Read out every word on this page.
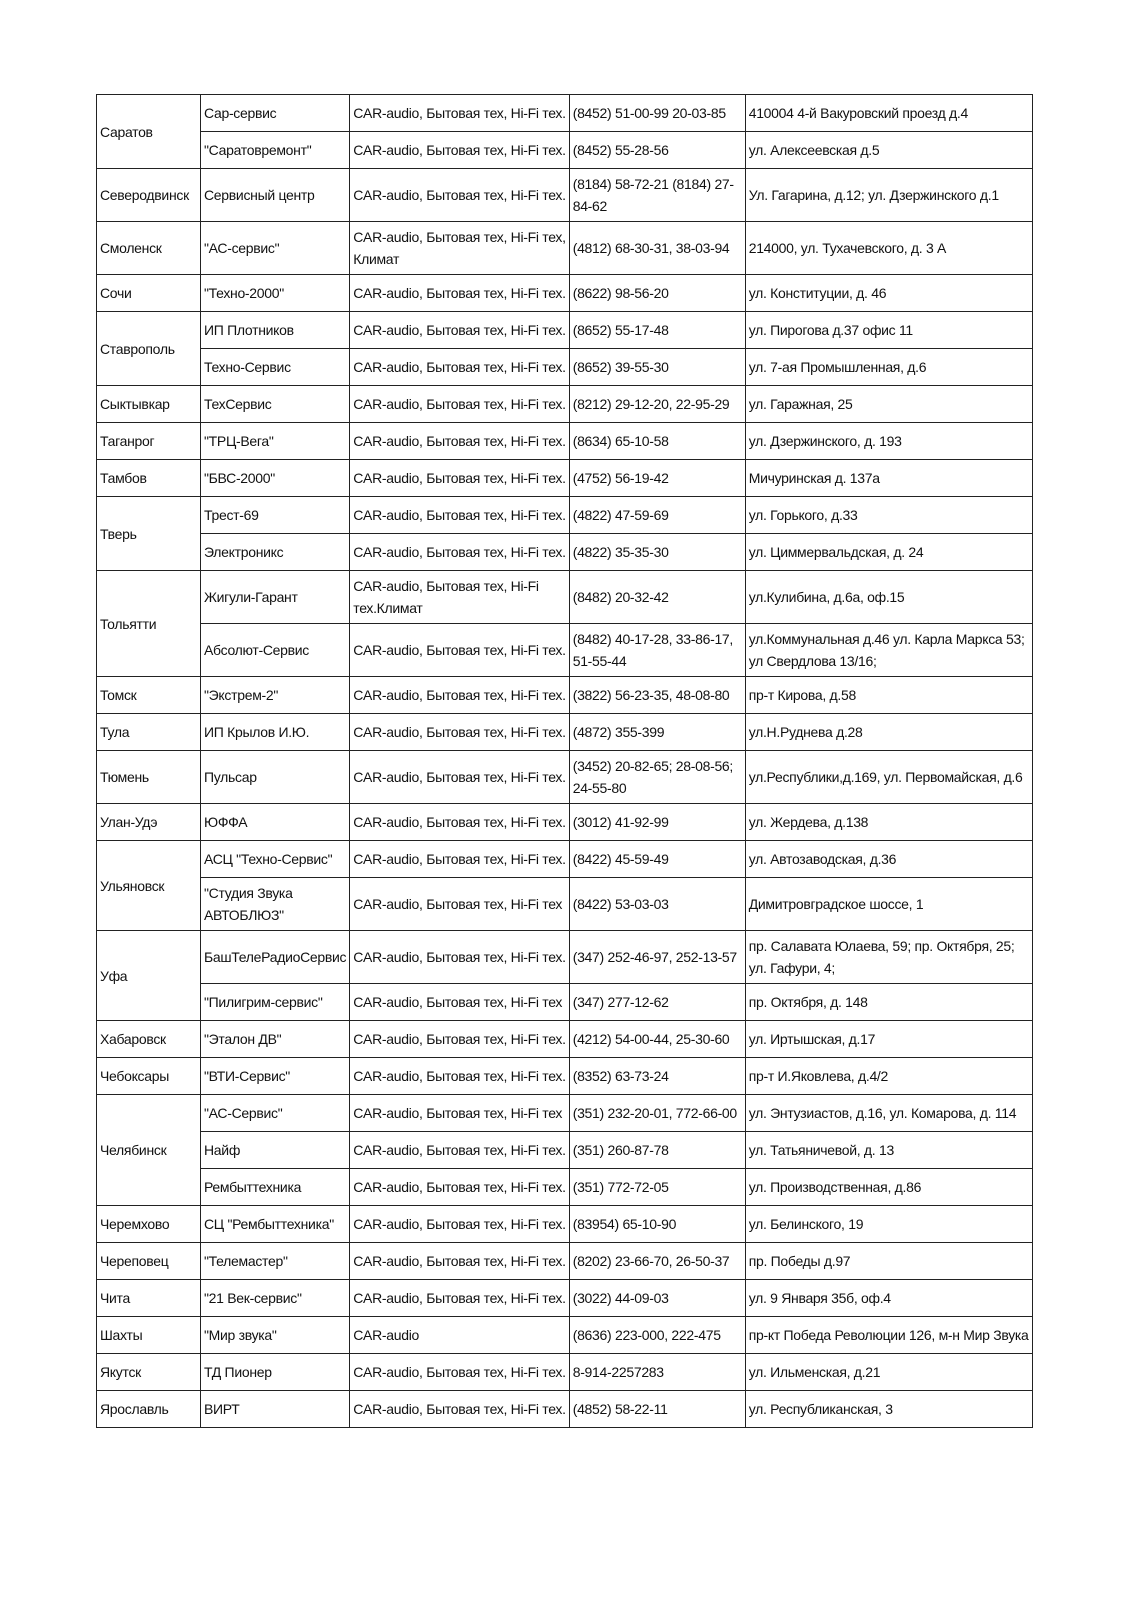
Саратов	Сар-сервис	CAR-audio, Бытовая тех, Hi-Fi тех.	(8452) 51-00-99 20-03-85	410004 4-й Вакуровский проезд д.4
	"Саратовремонт"	CAR-audio, Бытовая тех, Hi-Fi тех.	(8452) 55-28-56	ул. Алексеевская д.5
Северодвинск	Сервисный центр	CAR-audio, Бытовая тех, Hi-Fi тех.	(8184) 58-72-21 (8184) 27-84-62	Ул. Гагарина, д.12; ул. Дзержинского д.1
Смоленск	"АС-сервис"	CAR-audio, Бытовая тех, Hi-Fi тех, Климат	(4812) 68-30-31, 38-03-94	214000, ул. Тухачевского, д. 3 А
Сочи	"Техно-2000"	CAR-audio, Бытовая тех, Hi-Fi тех.	(8622) 98-56-20	ул. Конституции, д. 46
Ставрополь	ИП Плотников	CAR-audio, Бытовая тех, Hi-Fi тех.	(8652) 55-17-48	ул. Пирогова д.37 офис 11
	Техно-Сервис	CAR-audio, Бытовая тех, Hi-Fi тех.	(8652) 39-55-30	ул. 7-ая Промышленная, д.6
Сыктывкар	ТехСервис	CAR-audio, Бытовая тех, Hi-Fi тех.	(8212) 29-12-20, 22-95-29	ул. Гаражная, 25
Таганрог	"ТРЦ-Вега"	CAR-audio, Бытовая тех, Hi-Fi тех.	(8634) 65-10-58	ул. Дзержинского, д. 193
Тамбов	"БВС-2000"	CAR-audio, Бытовая тех, Hi-Fi тех.	(4752) 56-19-42	Мичуринская д. 137а
Тверь	Трест-69	CAR-audio, Бытовая тех, Hi-Fi тех.	(4822) 47-59-69	ул. Горького, д.33
	Электроникс	CAR-audio, Бытовая тех, Hi-Fi тех.	(4822) 35-35-30	ул. Циммервальдская, д. 24
Тольятти	Жигули-Гарант	CAR-audio, Бытовая тех, Hi-Fi тех.Климат	(8482) 20-32-42	ул.Кулибина, д.6а, оф.15
	Абсолют-Сервис	CAR-audio, Бытовая тех, Hi-Fi тех.	(8482) 40-17-28, 33-86-17, 51-55-44	ул.Коммунальная д.46 ул. Карла Маркса 53; ул Свердлова 13/16;
Томск	"Экстрем-2"	CAR-audio, Бытовая тех, Hi-Fi тех.	(3822) 56-23-35, 48-08-80	пр-т Кирова, д.58
Тула	ИП Крылов И.Ю.	CAR-audio, Бытовая тех, Hi-Fi тех.	(4872) 355-399	ул.Н.Руднева д.28
Тюмень	Пульсар	CAR-audio, Бытовая тех, Hi-Fi тех.	(3452) 20-82-65; 28-08-56; 24-55-80	ул.Республики,д.169, ул. Первомайская, д.6
Улан-Удэ	ЮФФА	CAR-audio, Бытовая тех, Hi-Fi тех.	(3012) 41-92-99	ул. Жердева, д.138
Ульяновск	АСЦ "Техно-Сервис"	CAR-audio, Бытовая тех, Hi-Fi тех.	(8422) 45-59-49	ул. Автозаводская, д.36
	"Студия Звука АВТОБЛЮЗ"	CAR-audio, Бытовая тех, Hi-Fi тех	(8422) 53-03-03	Димитровградское шоссе, 1
Уфа	БашТелеРадиоСервис	CAR-audio, Бытовая тех, Hi-Fi тех.	(347) 252-46-97, 252-13-57	пр. Салавата Юлаева, 59; пр. Октября, 25; ул. Гафури, 4;
	"Пилигрим-сервис"	CAR-audio, Бытовая тех, Hi-Fi тех	(347) 277-12-62	пр. Октября, д. 148
Хабаровск	"Эталон ДВ"	CAR-audio, Бытовая тех, Hi-Fi тех.	(4212) 54-00-44, 25-30-60	ул. Иртышская, д.17
Чебоксары	"ВТИ-Сервис"	CAR-audio, Бытовая тех, Hi-Fi тех.	(8352) 63-73-24	пр-т И.Яковлева, д.4/2
Челябинск	"АС-Сервис"	CAR-audio, Бытовая тех, Hi-Fi тех	(351) 232-20-01, 772-66-00	ул. Энтузиастов, д.16, ул. Комарова, д. 114
	Найф	CAR-audio, Бытовая тех, Hi-Fi тех.	(351) 260-87-78	ул. Татьяничевой, д. 13
	Рембыттехника	CAR-audio, Бытовая тех, Hi-Fi тех.	(351) 772-72-05	ул. Производственная, д.86
Черемхово	СЦ "Рембыттехника"	CAR-audio, Бытовая тех, Hi-Fi тех.	(83954) 65-10-90	ул. Белинского, 19
Череповец	"Телемастер"	CAR-audio, Бытовая тех, Hi-Fi тех.	(8202) 23-66-70, 26-50-37	пр. Победы д.97
Чита	"21 Век-сервис"	CAR-audio, Бытовая тех, Hi-Fi тех.	(3022) 44-09-03	ул. 9 Января 35б, оф.4
Шахты	"Мир звука"	CAR-audio	(8636) 223-000, 222-475	пр-кт Победа Революции 126, м-н Мир Звука
Якутск	ТД Пионер	CAR-audio, Бытовая тех, Hi-Fi тех.	8-914-2257283	ул. Ильменская, д.21
Ярославль	ВИРТ	CAR-audio, Бытовая тех, Hi-Fi тех.	(4852) 58-22-11	ул. Республиканская, 3
